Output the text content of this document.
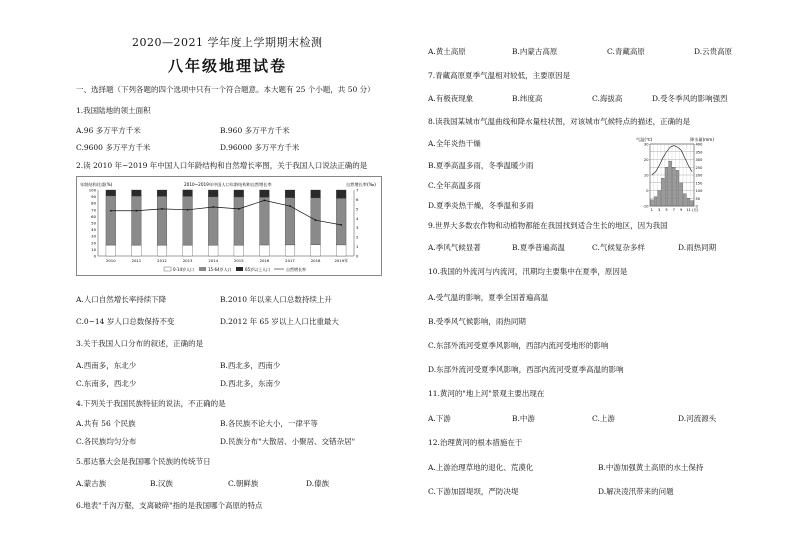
2020—2021 学年度上学期期末检测
八年级地理试卷
一、选择题（下列各题的四个选项中只有一个符合题意。本大题有 25 个小题，共 50 分）
1.我国陆地的领土面积
A.96 多万平方千米	B.960 多万平方千米
C.9600 多万平方千米	D.96000 多万平方千米
2.读 2010 年~2019 年中国人口年龄结构和自然增长率图，关于我国人口说法正确的是
年龄结构比重(%)	自然增长率(‰)
2010~2019年中国人口年龄结构和自然增长率
100
90
80
70
60
50
40
30
20
10
0
7
6
5
4
3
2
1
0
2010	2011	2012	2013	2014	2015	2016	2017	2018	2019年
0-14岁人口	15-64岁人口	65岁以上人口	自然增长率
A.人口自然增长率持续下降	B.2010 年以来人口总数持续上升
C.0~14 岁人口总数保持不变	D.2012 年 65 岁以上人口比重最大
3.关于我国人口分布的叙述，正确的是
A.西南多，东北少	B.西北多，西南少
C.东南多，西北少	D.西北多，东南少
4.下列关于我国民族特征的说法，不正确的是
A.共有 56 个民族	B.各民族不论大小，一律平等
C.各民族均匀分布	D.民族分布"大散居、小聚居、交错杂居"
5.那达慕大会是我国哪个民族的传统节日
A.蒙古族	B.汉族	C.朝鲜族	D.傣族
6.地表"千沟万壑，支离破碎"指的是我国哪个高原的特点
A.黄土高原	B.内蒙古高原	C.青藏高原	D.云贵高原
7.青藏高原夏季气温相对较低，主要原因是
A.有极夜现象	B.纬度高	C.海拔高	D.受冬季风的影响强烈
8.读我国某城市气温曲线和降水量柱状图，对该城市气候特点的描述，正确的是
A.全年炎热干燥
B.夏季高温多雨，冬季温暖少雨
C.全年高温多雨
D.夏季炎热干燥，冬季温和多雨
气温(℃)	降水量(mm)
30
20
10
0
-10
400
350
300
250
200
150
100
50
0
1 3 5 7 9 11 (月)
9.世界大多数农作物和动植物都能在我国找到适合生长的地区，因为我国
A.季风气候显著	B.夏季普遍高温	C.气候复杂多样	D.雨热同期
10.我国的外流河与内流河，汛期均主要集中在夏季，原因是
A.受气温的影响，夏季全国普遍高温
B.受季风气候影响，雨热同期
C.东部外流河受夏季风影响，西部内流河受地形的影响
D.东部外流河受夏季风影响，西部内流河受夏季高温的影响
11.黄河的"地上河"景观主要出现在
A.下游	B.中游	C.上游	D.河流源头
12.治理黄河的根本措施在于
A.上游治理草地的退化、荒漠化	B.中游加强黄土高原的水土保持
C.下游加固堤坝，严防决堤	D.解决凌汛带来的问题
